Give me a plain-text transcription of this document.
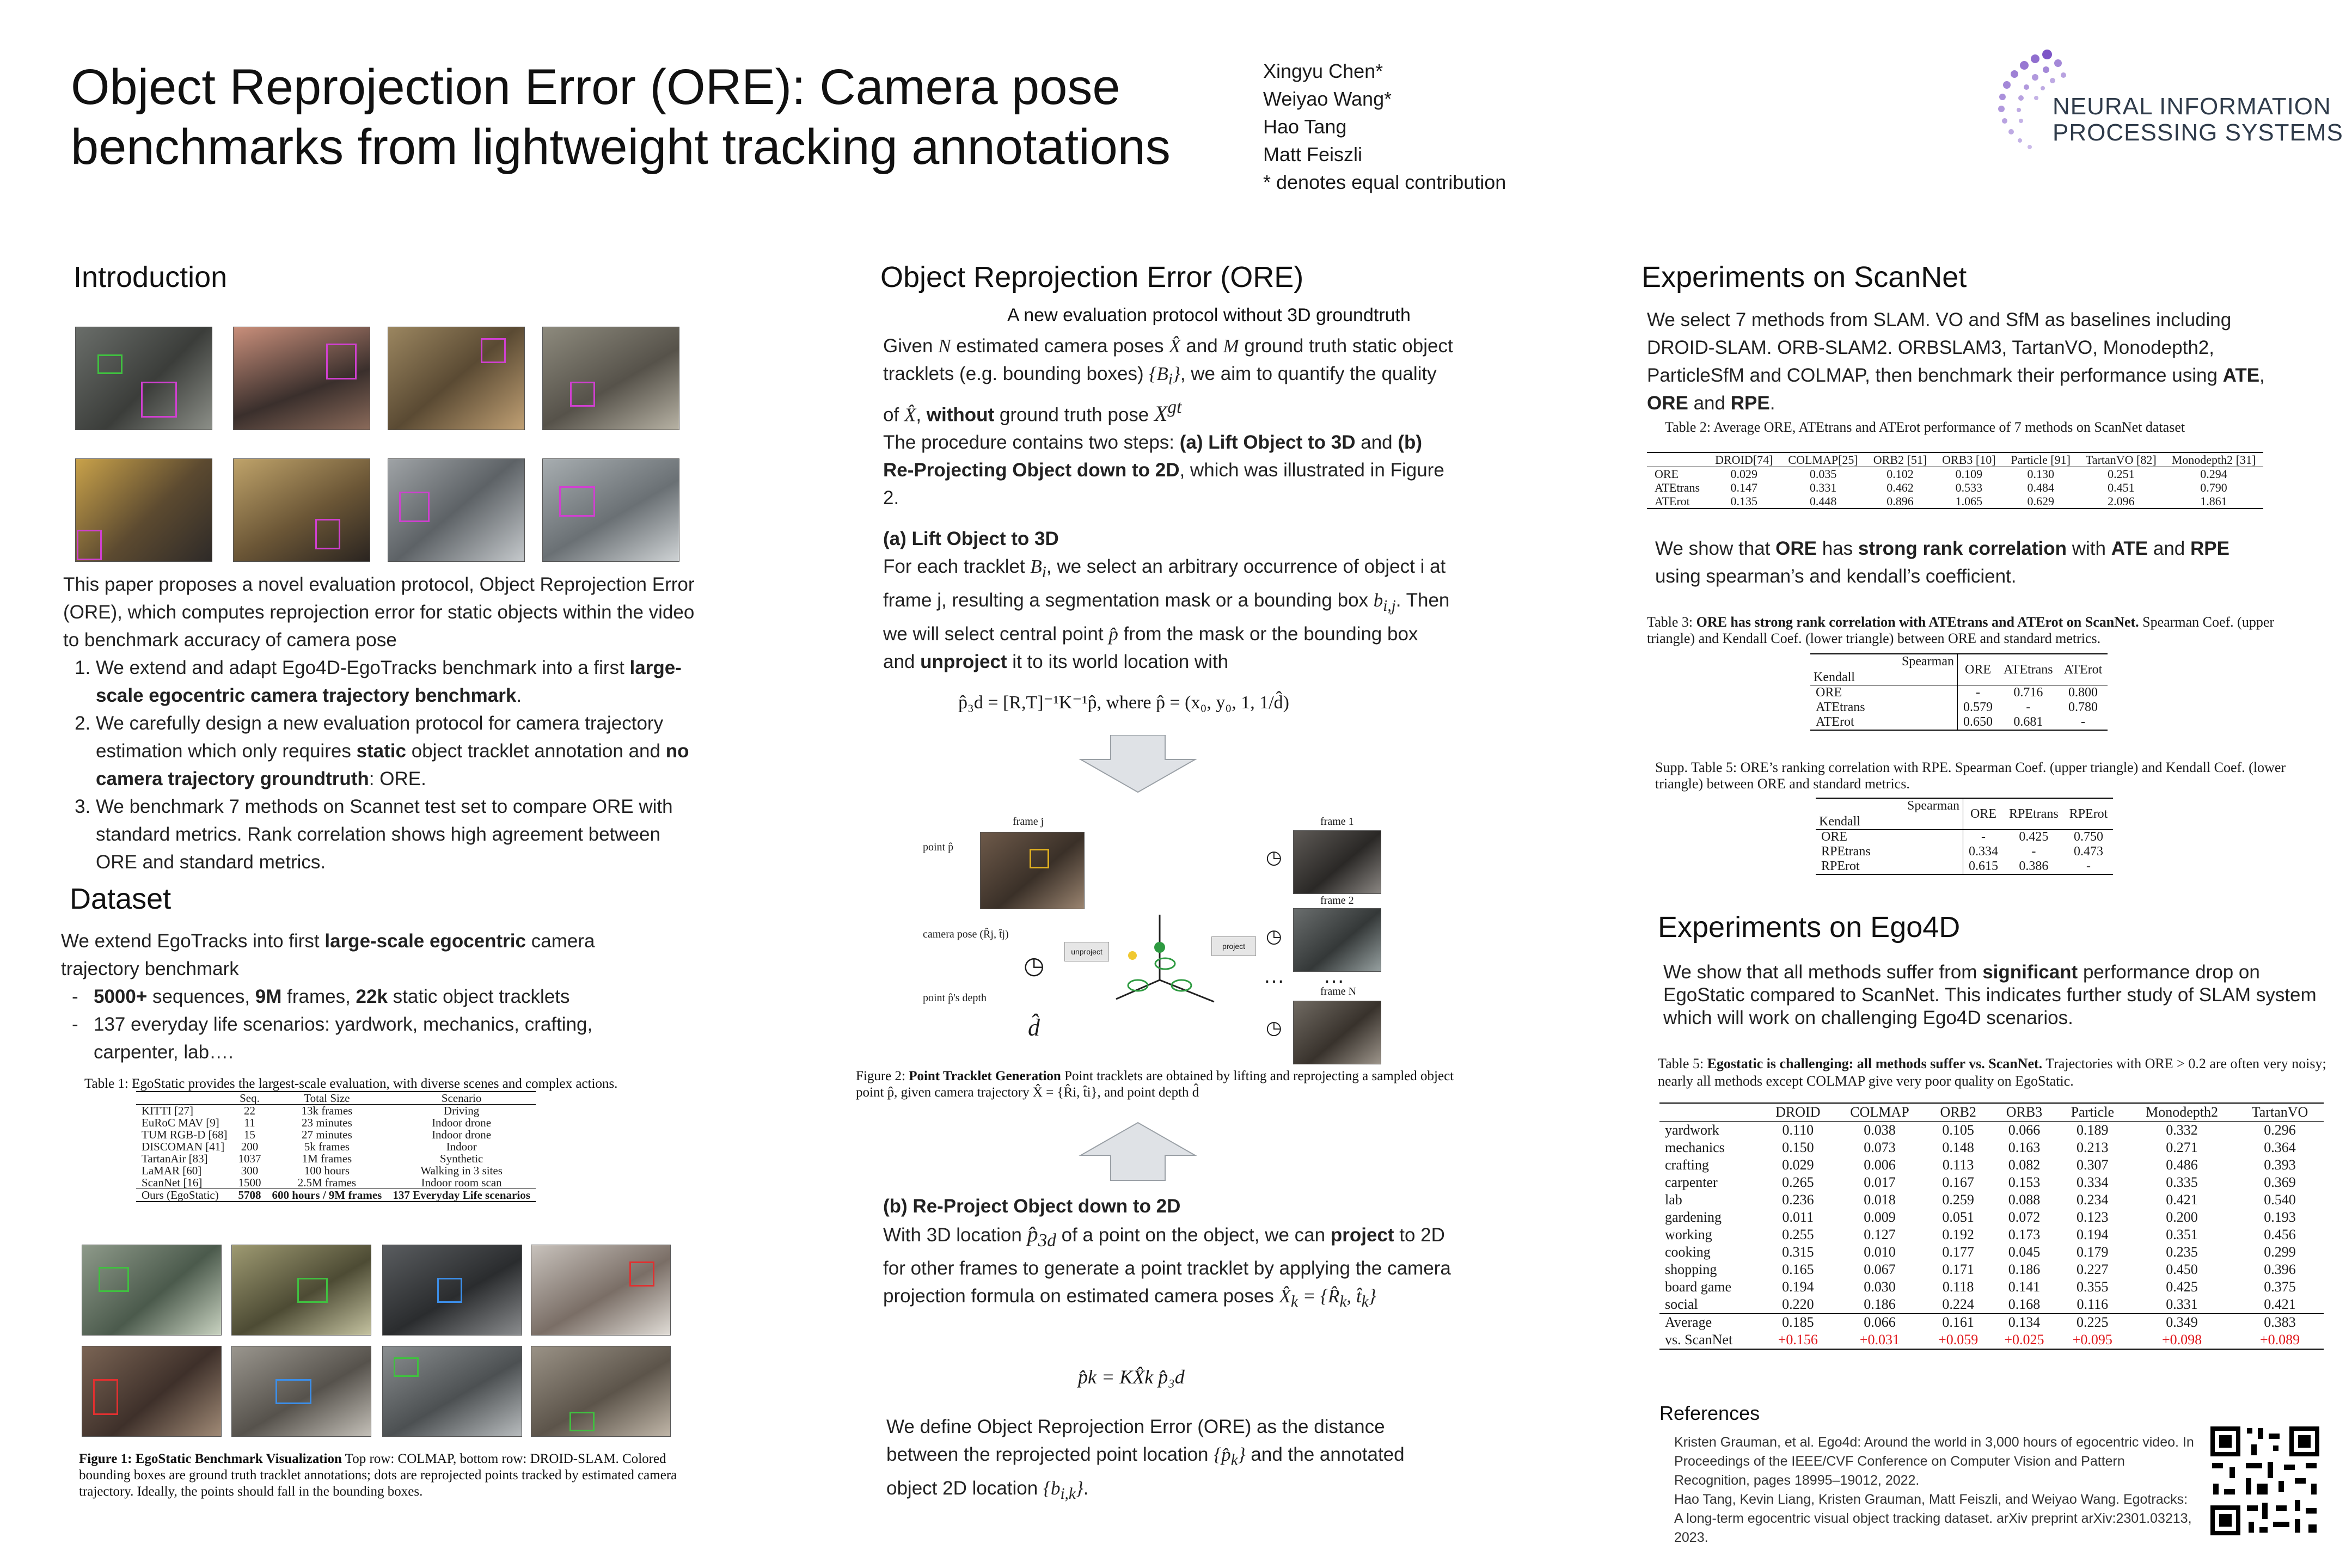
Object Reprojection Error (ORE): Camera pose
benchmarks from lightweight tracking annotations
Xingyu Chen*
Weiyao Wang*
Hao Tang
Matt Feiszli
* denotes equal contribution
NEURAL INFORMATION
PROCESSING SYSTEMS
Introduction
This paper proposes a novel evaluation protocol, Object Reprojection Error (ORE), which computes reprojection error for static objects within the video to benchmark accuracy of camera pose
1. We extend and adapt Ego4D-EgoTracks benchmark into a first large-scale egocentric camera trajectory benchmark.
2. We carefully design a new evaluation protocol for camera trajectory estimation which only requires static object tracklet annotation and no camera trajectory groundtruth: ORE.
3. We benchmark 7 methods on Scannet test set to compare ORE with standard metrics. Rank correlation shows high agreement between ORE and standard metrics.
Dataset
We extend EgoTracks into first large-scale egocentric camera trajectory benchmark
- 5000+ sequences, 9M frames, 22k static object tracklets
- 137 everyday life scenarios: yardwork, mechanics, crafting, carpenter, lab….
Table 1: EgoStatic provides the largest-scale evaluation, with diverse scenes and complex actions.
	Seq.	Total Size	Scenario
KITTI [27]	22	13k frames	Driving
EuRoC MAV [9]	11	23 minutes	Indoor drone
TUM RGB-D [68]	15	27 minutes	Indoor drone
DISCOMAN [41]	200	5k frames	Indoor
TartanAir [83]	1037	1M frames	Synthetic
LaMAR [60]	300	100 hours	Walking in 3 sites
ScanNet [16]	1500	2.5M frames	Indoor room scan
Ours (EgoStatic)	5708	600 hours / 9M frames	137 Everyday Life scenarios
Figure 1: EgoStatic Benchmark Visualization Top row: COLMAP, bottom row: DROID-SLAM. Colored bounding boxes are ground truth tracklet annotations; dots are reprojected points tracked by estimated camera trajectory. Ideally, the points should fall in the bounding boxes.
Object Reprojection Error (ORE)
A new evaluation protocol without 3D groundtruth
Given N estimated camera poses X̂ and M ground truth static object tracklets (e.g. bounding boxes) $\{B_i\}$, we aim to quantify the quality of X̂, without ground truth pose $X^{gt}$
The procedure contains two steps: (a) Lift Object to 3D and (b) Re-Projecting Object down to 2D, which was illustrated in Figure 2.
(a) Lift Object to 3D
For each tracklet $B_i$, we select an arbitrary occurrence of object i at frame j, resulting a segmentation mask or a bounding box $b_{i,j}$. Then we will select central point p̂ from the mask or the bounding box and unproject it to its world location with
p̂₃d = [R,T]⁻¹K⁻¹p̂, where p̂ = (x₀, y₀, 1, 1/d̂)
frame j
point p̂
camera pose (R̂j, t̂j)
◷
point p̂'s depth
d̂
unproject
project
frame 1
frame 2
… …
frame N
◷
◷
◷
Figure 2: Point Tracklet Generation Point tracklets are obtained by lifting and reprojecting a sampled object point p̂, given camera trajectory X̂ = {R̂i, t̂i}, and point depth d̂
(b) Re-Project Object down to 2D
With 3D location $p̂_{3d}$ of a point on the object, we can project to 2D for other frames to generate a point tracklet by applying the camera projection formula on estimated camera poses $X̂_k$ = {$R̂_k$, $t̂_k$}
p̂k = KX̂k p̂₃d
We define Object Reprojection Error (ORE) as the distance between the reprojected point location $\{p̂_k\}$ and the annotated object 2D location $\{b_{i,k}\}$.
Experiments on ScanNet
We select 7 methods from SLAM. VO and SfM as baselines including DROID-SLAM. ORB-SLAM2. ORBSLAM3, TartanVO, Monodepth2, ParticleSfM and COLMAP, then benchmark their performance using ATE, ORE and RPE.
Table 2: Average ORE, ATEtrans and ATErot performance of 7 methods on ScanNet dataset
	DROID[74]	COLMAP[25]	ORB2 [51]	ORB3 [10]	Particle [91]	TartanVO [82]	Monodepth2 [31]
ORE	0.029	0.035	0.102	0.109	0.130	0.251	0.294
ATEtrans	0.147	0.331	0.462	0.533	0.484	0.451	0.790
ATErot	0.135	0.448	0.896	1.065	0.629	2.096	1.861
We show that ORE has strong rank correlation with ATE and RPE using spearman’s and kendall’s coefficient.
Table 3: ORE has strong rank correlation with ATEtrans and ATErot on ScanNet. Spearman Coef. (upper triangle) and Kendall Coef. (lower triangle) between ORE and standard metrics.
Spearman
Kendall	ORE	ATEtrans	ATErot
ORE	-	0.716	0.800
ATEtrans	0.579	-	0.780
ATErot	0.650	0.681	-
Supp. Table 5: ORE’s ranking correlation with RPE. Spearman Coef. (upper triangle) and Kendall Coef. (lower triangle) between ORE and standard metrics.
Spearman
Kendall	ORE	RPEtrans	RPErot
ORE	-	0.425	0.750
RPEtrans	0.334	-	0.473
RPErot	0.615	0.386	-
Experiments on Ego4D
We show that all methods suffer from significant performance drop on EgoStatic compared to ScanNet. This indicates further study of SLAM system which will work on challenging Ego4D scenarios.
Table 5: Egostatic is challenging: all methods suffer vs. ScanNet. Trajectories with ORE > 0.2 are often very noisy; nearly all methods except COLMAP give very poor quality on EgoStatic.
	DROID	COLMAP	ORB2	ORB3	Particle	Monodepth2	TartanVO
yardwork	0.110	0.038	0.105	0.066	0.189	0.332	0.296
mechanics	0.150	0.073	0.148	0.163	0.213	0.271	0.364
crafting	0.029	0.006	0.113	0.082	0.307	0.486	0.393
carpenter	0.265	0.017	0.167	0.153	0.334	0.335	0.369
lab	0.236	0.018	0.259	0.088	0.234	0.421	0.540
gardening	0.011	0.009	0.051	0.072	0.123	0.200	0.193
working	0.255	0.127	0.192	0.173	0.194	0.351	0.456
cooking	0.315	0.010	0.177	0.045	0.179	0.235	0.299
shopping	0.165	0.067	0.171	0.186	0.227	0.450	0.396
board game	0.194	0.030	0.118	0.141	0.355	0.425	0.375
social	0.220	0.186	0.224	0.168	0.116	0.331	0.421
Average	0.185	0.066	0.161	0.134	0.225	0.349	0.383
vs. ScanNet	+0.156	+0.031	+0.059	+0.025	+0.095	+0.098	+0.089
References
Kristen Grauman, et al. Ego4d: Around the world in 3,000 hours of egocentric video. In Proceedings of the IEEE/CVF Conference on Computer Vision and Pattern Recognition, pages 18995–19012, 2022.
Hao Tang, Kevin Liang, Kristen Grauman, Matt Feiszli, and Weiyao Wang. Egotracks: A long-term egocentric visual object tracking dataset. arXiv preprint arXiv:2301.03213, 2023.
